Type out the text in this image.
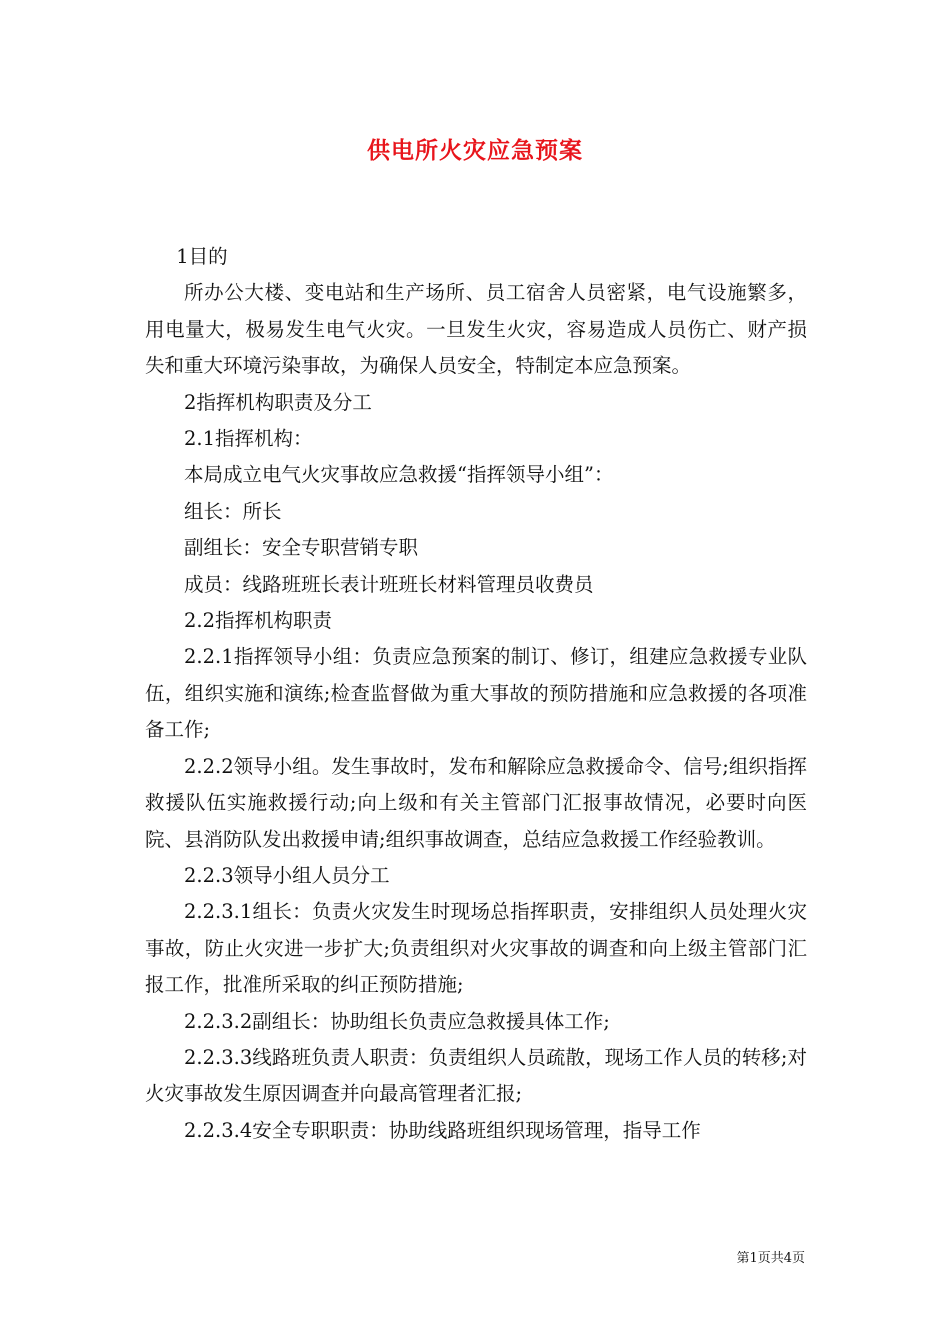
供电所火灾应急预案

1目的

所办公大楼、变电站和生产场所、员工宿舍人员密紧，电气设施繁多，用电量大，极易发生电气火灾。一旦发生火灾，容易造成人员伤亡、财产损失和重大环境污染事故，为确保人员安全，特制定本应急预案。

2指挥机构职责及分工

2.1指挥机构：

本局成立电气火灾事故应急救援“指挥领导小组”：

组长：所长

副组长：安全专职营销专职

成员：线路班班长表计班班长材料管理员收费员

2.2指挥机构职责

2.2.1指挥领导小组：负责应急预案的制订、修订，组建应急救援专业队伍，组织实施和演练;检查监督做为重大事故的预防措施和应急救援的各项准备工作;

2.2.2领导小组。发生事故时，发布和解除应急救援命令、信号;组织指挥救援队伍实施救援行动;向上级和有关主管部门汇报事故情况，必要时向医院、县消防队发出救援申请;组织事故调查，总结应急救援工作经验教训。

2.2.3领导小组人员分工

2.2.3.1组长：负责火灾发生时现场总指挥职责，安排组织人员处理火灾事故，防止火灾进一步扩大;负责组织对火灾事故的调查和向上级主管部门汇报工作，批准所采取的纠正预防措施;

2.2.3.2副组长：协助组长负责应急救援具体工作;

2.2.3.3线路班负责人职责：负责组织人员疏散，现场工作人员的转移;对火灾事故发生原因调查并向最高管理者汇报;

2.2.3.4安全专职职责：协助线路班组织现场管理，指导工作

第1页共4页
